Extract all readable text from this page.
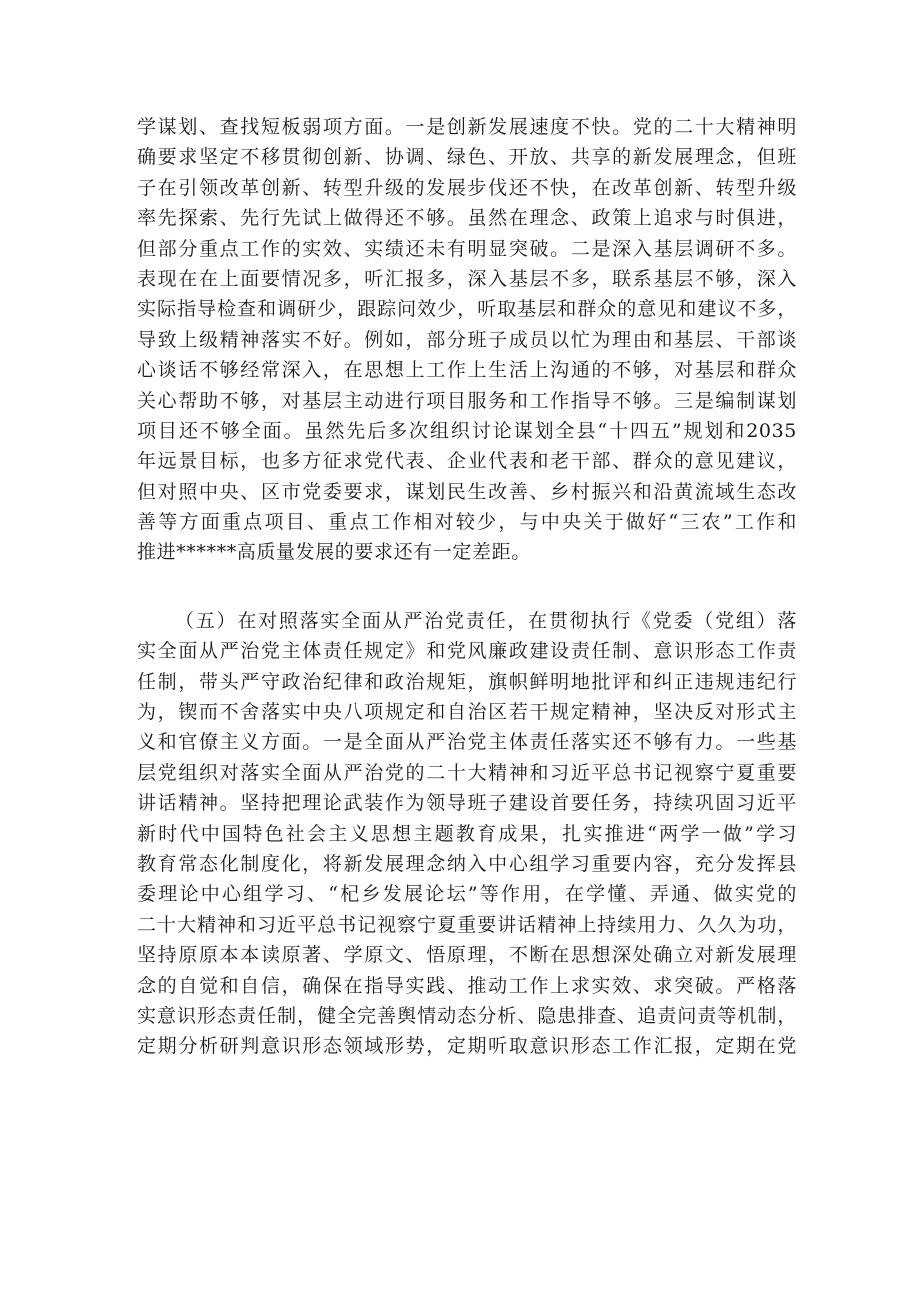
学谋划、查找短板弱项方面。一是创新发展速度不快。党的二十大精神明

确要求坚定不移贯彻创新、协调、绿色、开放、共享的新发展理念，但班

子在引领改革创新、转型升级的发展步伐还不快，在改革创新、转型升级

率先探索、先行先试上做得还不够。虽然在理念、政策上追求与时俱进，

但部分重点工作的实效、实绩还未有明显突破。二是深入基层调研不多。

表现在在上面要情况多，听汇报多，深入基层不多，联系基层不够，深入

实际指导检查和调研少，跟踪问效少，听取基层和群众的意见和建议不多，

导致上级精神落实不好。例如，部分班子成员以忙为理由和基层、干部谈

心谈话不够经常深入，在思想上工作上生活上沟通的不够，对基层和群众

关心帮助不够，对基层主动进行项目服务和工作指导不够。三是编制谋划

项目还不够全面。虽然先后多次组织讨论谋划全县“十四五”规划和2035

年远景目标，也多方征求党代表、企业代表和老干部、群众的意见建议，

但对照中央、区市党委要求，谋划民生改善、乡村振兴和沿黄流域生态改

善等方面重点项目、重点工作相对较少，与中央关于做好“三农”工作和

推进******高质量发展的要求还有一定差距。

（五）在对照落实全面从严治党责任，在贯彻执行《党委（党组）落

实全面从严治党主体责任规定》和党风廉政建设责任制、意识形态工作责

任制，带头严守政治纪律和政治规矩，旗帜鲜明地批评和纠正违规违纪行

为，锲而不舍落实中央八项规定和自治区若干规定精神，坚决反对形式主

义和官僚主义方面。一是全面从严治党主体责任落实还不够有力。一些基

层党组织对落实全面从严治党的二十大精神和习近平总书记视察宁夏重要

讲话精神。坚持把理论武装作为领导班子建设首要任务，持续巩固习近平

新时代中国特色社会主义思想主题教育成果，扎实推进“两学一做”学习

教育常态化制度化，将新发展理念纳入中心组学习重要内容，充分发挥县

委理论中心组学习、“杞乡发展论坛”等作用，在学懂、弄通、做实党的

二十大精神和习近平总书记视察宁夏重要讲话精神上持续用力、久久为功，

坚持原原本本读原著、学原文、悟原理，不断在思想深处确立对新发展理

念的自觉和自信，确保在指导实践、推动工作上求实效、求突破。严格落

实意识形态责任制，健全完善舆情动态分析、隐患排查、追责问责等机制，

定期分析研判意识形态领域形势，定期听取意识形态工作汇报，定期在党
